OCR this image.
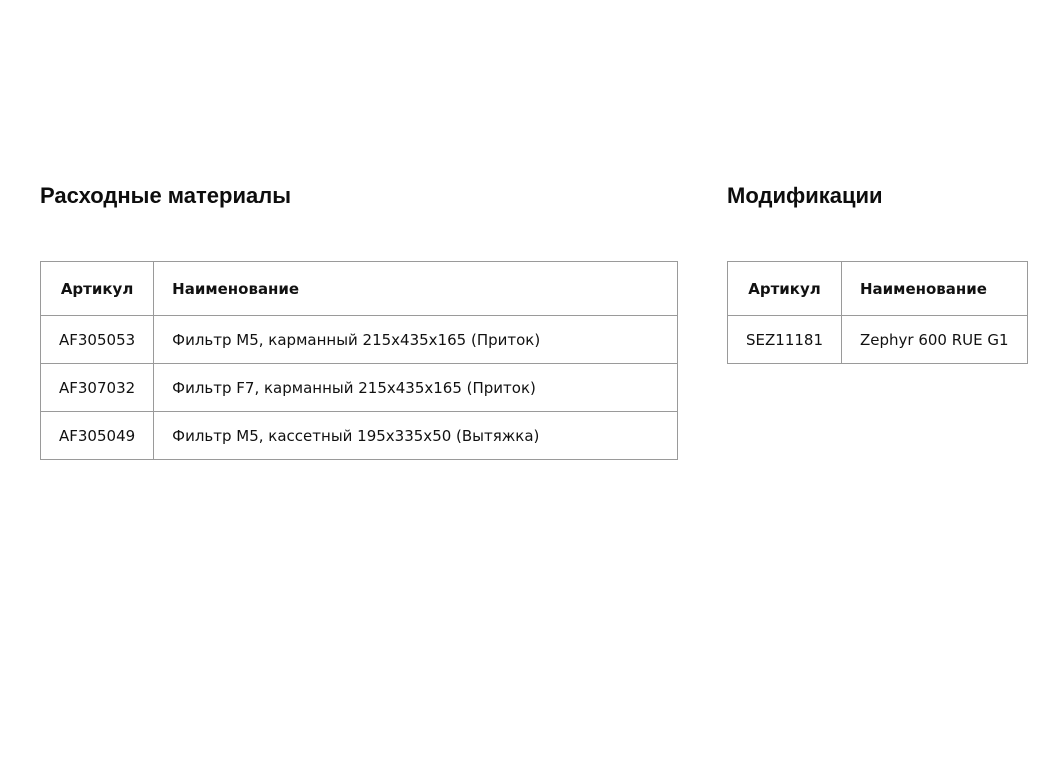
Расходные материалы
Артикул	Наименование
AF305053	Фильтр M5, карманный 215x435x165 (Приток)
AF307032	Фильтр F7, карманный 215x435x165 (Приток)
AF305049	Фильтр M5, кассетный 195x335x50 (Вытяжка)
Модификации
Артикул	Наименование
SEZ11181	Zephyr 600 RUE G1
